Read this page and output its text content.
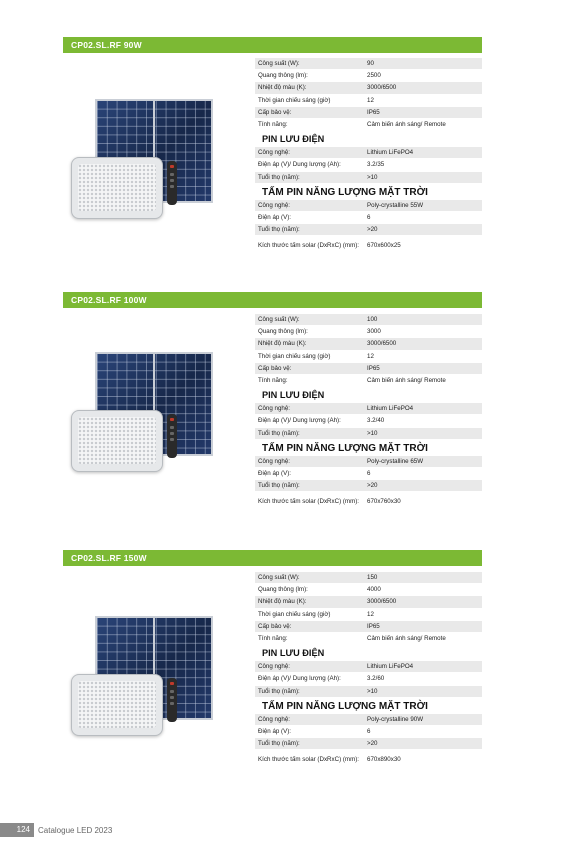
CP02.SL.RF 90W
Công suất (W):	90
Quang thông (lm):	2500
Nhiệt độ màu (K):	3000/6500
Thời gian chiếu sáng (giờ)	12
Cấp bảo vệ:	IP65
Tính năng:	Cảm biến ánh sáng/ Remote
PIN LƯU ĐIỆN
Công nghệ:	Lithium LiFePO4
Điện áp (V)/ Dung lượng (Ah):	3.2/35
Tuổi thọ (năm):	>10
TẤM PIN NĂNG LƯỢNG MẶT TRỜI
Công nghệ:	Poly-crystalline 55W
Điện áp (V):	6
Tuổi thọ (năm):	>20
Kích thước tấm solar (DxRxC) (mm):	670x600x25
CP02.SL.RF 100W
Công suất (W):	100
Quang thông (lm):	3000
Nhiệt độ màu (K):	3000/6500
Thời gian chiếu sáng (giờ)	12
Cấp bảo vệ:	IP65
Tính năng:	Cảm biến ánh sáng/ Remote
PIN LƯU ĐIỆN
Công nghệ:	Lithium LiFePO4
Điện áp (V)/ Dung lượng (Ah):	3.2/40
Tuổi thọ (năm):	>10
TẤM PIN NĂNG LƯỢNG MẶT TRỜI
Công nghệ:	Poly-crystalline 65W
Điện áp (V):	6
Tuổi thọ (năm):	>20
Kích thước tấm solar (DxRxC) (mm):	670x760x30
CP02.SL.RF 150W
Công suất (W):	150
Quang thông (lm):	4000
Nhiệt độ màu (K):	3000/6500
Thời gian chiếu sáng (giờ)	12
Cấp bảo vệ:	IP65
Tính năng:	Cảm biến ánh sáng/ Remote
PIN LƯU ĐIỆN
Công nghệ:	Lithium LiFePO4
Điện áp (V)/ Dung lượng (Ah):	3.2/60
Tuổi thọ (năm):	>10
TẤM PIN NĂNG LƯỢNG MẶT TRỜI
Công nghệ:	Poly-crystalline 90W
Điện áp (V):	6
Tuổi thọ (năm):	>20
Kích thước tấm solar (DxRxC) (mm):	670x890x30
124	Catalogue LED 2023
